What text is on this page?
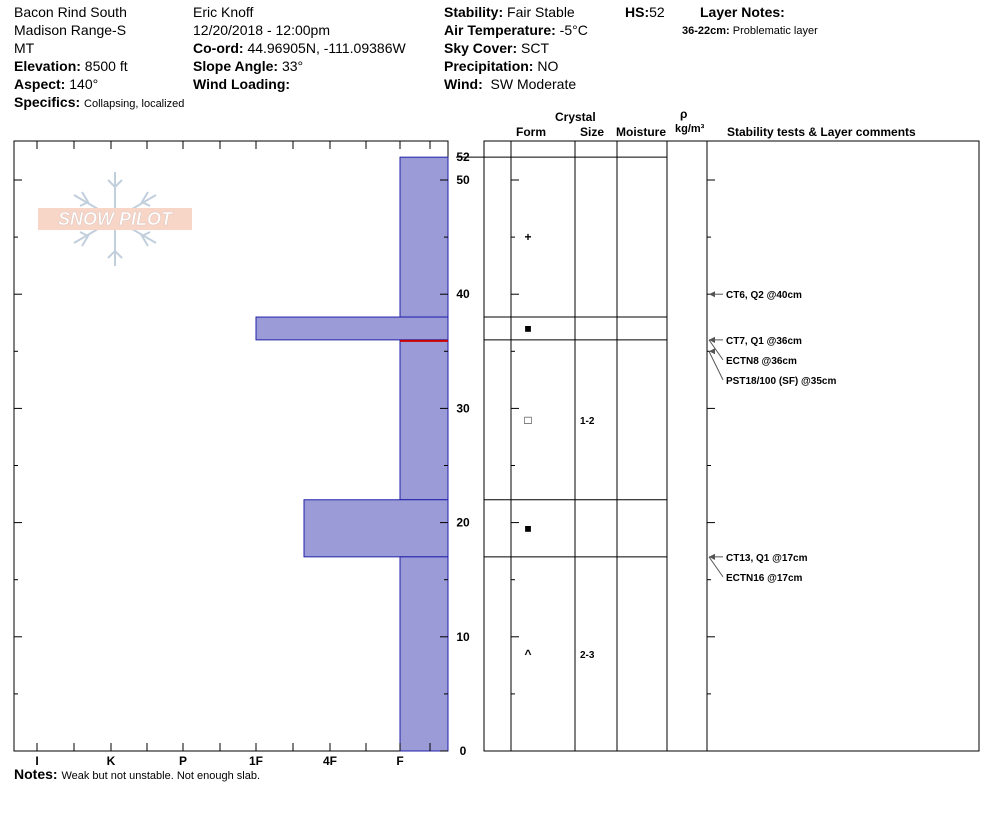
Bacon Rind South
Madison Range-S
MT
Elevation: 8500 ft
Aspect: 140°
Specifics: Collapsing, localized
Eric Knoff
12/20/2018 - 12:00pm
Co-ord: 44.96905N, -111.09386W
Slope Angle: 33°
Wind Loading:
Stability: Fair Stable
Air Temperature: -5°C
Sky Cover: SCT
Precipitation: NO
Wind: SW Moderate
HS:52	Layer Notes:
36-22cm: Problematic layer
Crystal
Form	Size Moisture
ρ
kg/m³ Stability tests & Layer comments
Notes: Weak but not unstable. Not enough slab.
SNOW PILOT
I	K	P	1F	4F	F
0
10
20
30
40
50
52
+
■
□	1-2
■
^	2-3
CT6, Q2 @40cm
CT7, Q1 @36cm
ECTN8 @36cm
PST18/100 (SF) @35cm
CT13, Q1 @17cm
ECTN16 @17cm
